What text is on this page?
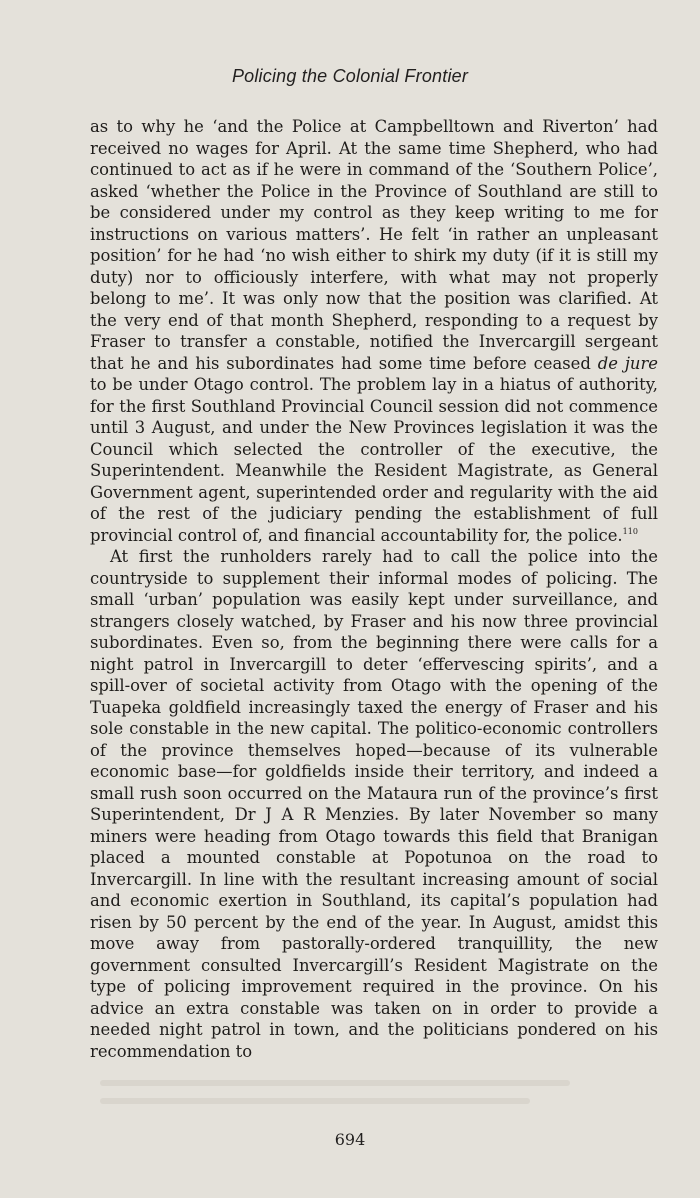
Policing the Colonial Frontier

as to why he ‘and the Police at Campbelltown and Riverton’ had received no wages for April. At the same time Shepherd, who had continued to act as if he were in command of the ‘Southern Police’, asked ‘whether the Police in the Province of Southland are still to be considered under my control as they keep writing to me for instructions on various matters’. He felt ‘in rather an unpleasant position’ for he had ‘no wish either to shirk my duty (if it is still my duty) nor to officiously interfere, with what may not properly belong to me’. It was only now that the position was clarified. At the very end of that month Shepherd, responding to a request by Fraser to transfer a constable, notified the Invercargill sergeant that he and his subordinates had some time before ceased de jure to be under Otago control. The problem lay in a hiatus of authority, for the first Southland Provincial Council session did not commence until 3 August, and under the New Provinces legislation it was the Council which selected the controller of the executive, the Superintendent. Meanwhile the Resident Magistrate, as General Government agent, superintended order and regularity with the aid of the rest of the judiciary pending the establishment of full provincial control of, and financial accountability for, the police.$^{110}$

At first the runholders rarely had to call the police into the countryside to supplement their informal modes of policing. The small ‘urban’ population was easily kept under surveillance, and strangers closely watched, by Fraser and his now three provincial subordinates. Even so, from the beginning there were calls for a night patrol in Invercargill to deter ‘effervescing spirits’, and a spill-over of societal activity from Otago with the opening of the Tuapeka goldfield increasingly taxed the energy of Fraser and his sole constable in the new capital. The politico-economic controllers of the province themselves hoped—because of its vulnerable economic base—for goldfields inside their territory, and indeed a small rush soon occurred on the Mataura run of the province’s first Superintendent, Dr J A R Menzies. By later November so many miners were heading from Otago towards this field that Branigan placed a mounted constable at Popotunoa on the road to Invercargill. In line with the resultant increasing amount of social and economic exertion in Southland, its capital’s population had risen by 50 percent by the end of the year. In August, amidst this move away from pastorally-ordered tranquillity, the new government consulted Invercargill’s Resident Magistrate on the type of policing improvement required in the province. On his advice an extra constable was taken on in order to provide a needed night patrol in town, and the politicians pondered on his recommendation to

694
